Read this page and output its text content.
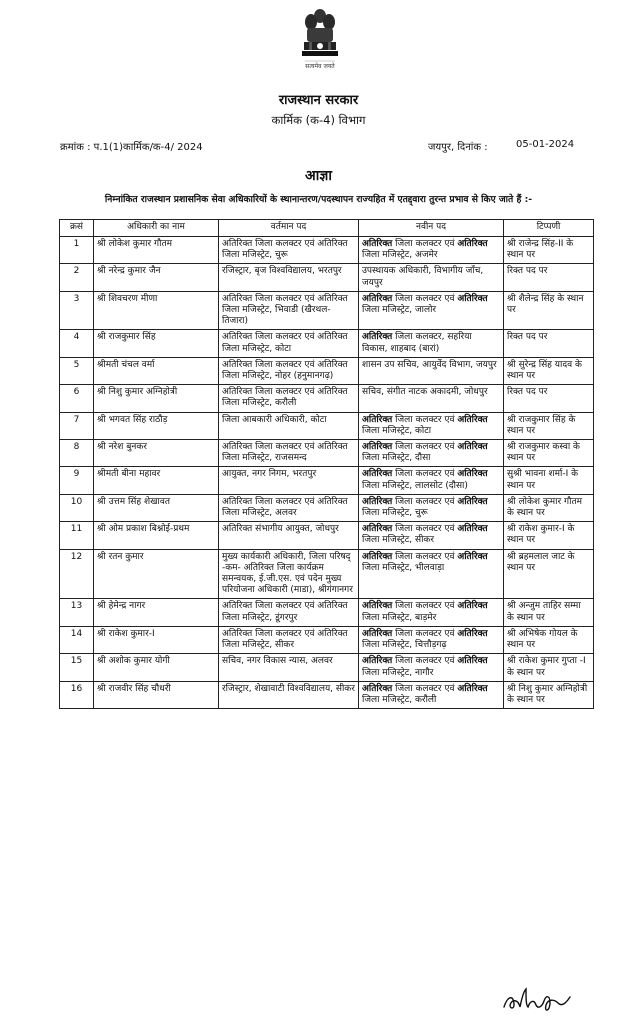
सत्यमेव जयते
राजस्थान सरकार
कार्मिक (क-4) विभाग
क्रमांक : प.1(1)कार्मिक/क-4/ 2024	जयपुर, दिनांक :	05-01-2024
आज्ञा
निम्नांकित राजस्थान प्रशासनिक सेवा अधिकारियों के स्थानान्तरण/पदस्थापन राज्यहित में एतद्द्वारा तुरन्त प्रभाव से किए जाते हैं :-
क्रसं	अधिकारी का नाम	वर्तमान पद	नवीन पद	टिप्पणी
1	श्री लोकेश कुमार गौतम	अतिरिक्त जिला कलक्टर एवं अतिरिक्त जिला मजिस्ट्रेट, चुरू	अतिरिक्त जिला कलक्टर एवं अतिरिक्त जिला मजिस्ट्रेट, अजमेर	श्री राजेन्द्र सिंह-II के स्थान पर
2	श्री नरेन्द्र कुमार जैन	रजिस्ट्रार, बृज विश्वविद्यालय, भरतपुर	उपस्थायक अधिकारी, विभागीय जाँच, जयपुर	रिक्त पद पर
3	श्री शिवचरण मीणा	अतिरिक्त जिला कलक्टर एवं अतिरिक्त जिला मजिस्ट्रेट, भिवाडी (खैरथल-तिजारा)	अतिरिक्त जिला कलक्टर एवं अतिरिक्त जिला मजिस्ट्रेट, जालोर	श्री शैलेन्द्र सिंह के स्थान पर
4	श्री राजकुमार सिंह	अतिरिक्त जिला कलक्टर एवं अतिरिक्त जिला मजिस्ट्रेट, कोटा	अतिरिक्त जिला कलक्टर, सहरिया विकास, शाहबाद (बारां)	रिक्त पद पर
5	श्रीमती चंचल वर्मा	अतिरिक्त जिला कलक्टर एवं अतिरिक्त जिला मजिस्ट्रेट, नोहर (हनुमानगढ़)	शासन उप सचिव, आयुर्वेद विभाग, जयपुर	श्री सुरेन्द्र सिंह यादव के स्थान पर
6	श्री निशु कुमार अग्निहोत्री	अतिरिक्त जिला कलक्टर एवं अतिरिक्त जिला मजिस्ट्रेट, करौली	सचिव, संगीत नाटक अकादमी, जोधपुर	रिक्त पद पर
7	श्री भगवत सिंह राठौड़	जिला आबकारी अधिकारी, कोटा	अतिरिक्त जिला कलक्टर एवं अतिरिक्त जिला मजिस्ट्रेट, कोटा	श्री राजकुमार सिंह के स्थान पर
8	श्री नरेश बुनकर	अतिरिक्त जिला कलक्टर एवं अतिरिक्त जिला मजिस्ट्रेट, राजसमन्द	अतिरिक्त जिला कलक्टर एवं अतिरिक्त जिला मजिस्ट्रेट, दौसा	श्री राजकुमार कस्वा के स्थान पर
9	श्रीमती बीना महावर	आयुक्त, नगर निगम, भरतपुर	अतिरिक्त जिला कलक्टर एवं अतिरिक्त जिला मजिस्ट्रेट, लालसोट (दौसा)	सुश्री भावना शर्मा-I के स्थान पर
10	श्री उत्तम सिंह शेखावत	अतिरिक्त जिला कलक्टर एवं अतिरिक्त जिला मजिस्ट्रेट, अलवर	अतिरिक्त जिला कलक्टर एवं अतिरिक्त जिला मजिस्ट्रेट, चुरू	श्री लोकेश कुमार गौतम के स्थान पर
11	श्री ओम प्रकाश बिश्नोई-प्रथम	अतिरिक्त संभागीय आयुक्त, जोधपुर	अतिरिक्त जिला कलक्टर एवं अतिरिक्त जिला मजिस्ट्रेट, सीकर	श्री राकेश कुमार-I के स्थान पर
12	श्री रतन कुमार	मुख्य कार्यकारी अधिकारी, जिला परिषद् -कम- अतिरिक्त जिला कार्यक्रम समन्वयक, ई.जी.एस. एवं पदेन मुख्य परियोजना अधिकारी (माडा), श्रीगंगानगर	अतिरिक्त जिला कलक्टर एवं अतिरिक्त जिला मजिस्ट्रेट, भीलवाड़ा	श्री ब्रहमलाल जाट के स्थान पर
13	श्री हेमेन्द्र नागर	अतिरिक्त जिला कलक्टर एवं अतिरिक्त जिला मजिस्ट्रेट, डूंगरपुर	अतिरिक्त जिला कलक्टर एवं अतिरिक्त जिला मजिस्ट्रेट, बाड़मेर	श्री अन्जुम ताहिर सम्मा के स्थान पर
14	श्री राकेश कुमार-I	अतिरिक्त जिला कलक्टर एवं अतिरिक्त जिला मजिस्ट्रेट, सीकर	अतिरिक्त जिला कलक्टर एवं अतिरिक्त जिला मजिस्ट्रेट, चित्तौड़गढ़	श्री अभिषेक गोयल के स्थान पर
15	श्री अशोक कुमार योगी	सचिव, नगर विकास न्यास, अलवर	अतिरिक्त जिला कलक्टर एवं अतिरिक्त जिला मजिस्ट्रेट, नागौर	श्री राकेश कुमार गुप्ता -I के स्थान पर
16	श्री राजवीर सिंह चौधरी	रजिस्ट्रार, शेखावाटी विश्वविद्यालय, सीकर	अतिरिक्त जिला कलक्टर एवं अतिरिक्त जिला मजिस्ट्रेट, करौली	श्री निशु कुमार अग्निहोत्री के स्थान पर
